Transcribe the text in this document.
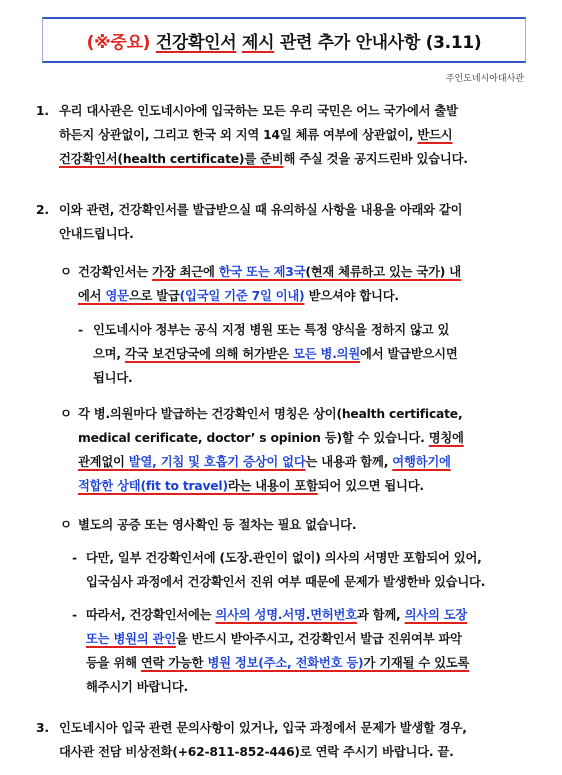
(※중요)
건강확인서
제시
관련 추가 안내사항 (3.11)
주인도네시아대사관
1. 우리 대사관은 인도네시아에 입국하는 모든 우리 국민은 어느 국가에서 출발
하든지 상관없이, 그리고 한국 외 지역 14일 체류 여부에 상관없이, 반드시
건강확인서(health certificate)를 준비해 주실 것을 공지드린바 있습니다.
2. 이와 관련, 건강확인서를 발급받으실 때 유의하실 사항을 내용을 아래와 같이
안내드립니다.
ㅇ 건강확인서는 가장 최근에 한국 또는 제3국(현재 체류하고 있는 국가) 내
에서 영문으로 발급(입국일 기준 7일 이내) 받으셔야 합니다.
- 인도네시아 정부는 공식 지정 병원 또는 특정 양식을 정하지 않고 있
으며, 각국 보건당국에 의해 허가받은 모든 병.의원에서 발급받으시면
됩니다.
ㅇ 각 병.의원마다 발급하는 건강확인서 명칭은 상이(health certificate,
medical cerificate, doctor’ s opinion 등)할 수 있습니다. 명칭에
관계없이 발열, 기침 및 호흡기 증상이 없다는 내용과 함께, 여행하기에
적합한 상태(fit to travel)라는 내용이 포함되어 있으면 됩니다.
ㅇ 별도의 공증 또는 영사확인 등 절차는 필요 없습니다.
- 다만, 일부 건강확인서에 (도장.관인이 없이) 의사의 서명만 포함되어 있어,
입국심사 과정에서 건강확인서 진위 여부 때문에 문제가 발생한바 있습니다.
- 따라서, 건강확인서에는 의사의 성명.서명.면허번호과 함께, 의사의 도장
또는 병원의 관인을 반드시 받아주시고, 건강확인서 발급 진위여부 파악
등을 위해 연락 가능한 병원 정보(주소, 전화번호 등)가 기재될 수 있도록
해주시기 바랍니다.
3. 인도네시아 입국 관련 문의사항이 있거나, 입국 과정에서 문제가 발생할 경우,
대사관 전담 비상전화(+62-811-852-446)로 연락 주시기 바랍니다. 끝.
